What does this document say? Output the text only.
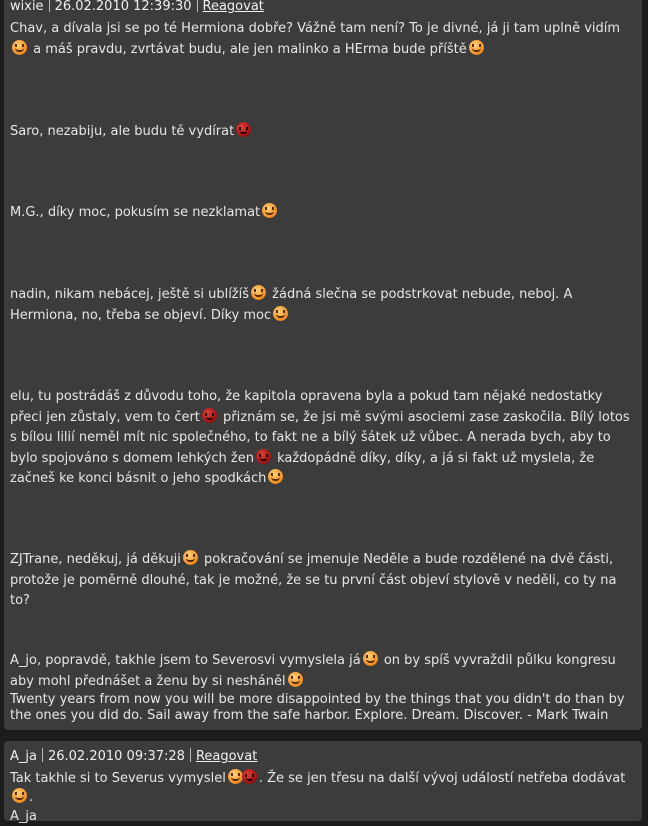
wixie 26.02.2010 12:39:30 Reagovat
Chav, a dívala jsi se po té Hermiona dobře? Vážně tam není? To je divné, já ji tam uplně vidím a máš pravdu, zvrtávat budu, ale jen malinko a HErma bude příště
Saro, nezabiju, ale budu tě vydírat
M.G., díky moc, pokusím se nezklamat
nadin, nikam nebácej, ještě si ublížíš žádná slečna se podstrkovat nebude, neboj. A Hermiona, no, třeba se objeví. Díky moc
elu, tu postrádáš z důvodu toho, že kapitola opravena byla a pokud tam nějaké nedostatky přeci jen zůstaly, vem to čert přiznám se, že jsi mě svými asociemi zase zaskočila. Bílý lotos s bílou lilií neměl mít nic společného, to fakt ne a bílý šátek už vůbec. A nerada bych, aby to bylo spojováno s domem lehkých žen každopádně díky, díky, a já si fakt už myslela, že začneš ke konci básnit o jeho spodkách
ZJTrane, neděkuj, já děkuji pokračování se jmenuje Neděle a bude rozdělené na dvě části, protože je poměrně dlouhé, tak je možné, že se tu první část objeví stylově v neděli, co ty na to?
A_jo, popravdě, takhle jsem to Severosvi vymyslela já on by spíš vyvraždil půlku kongresu aby mohl přednášet a ženu by si nesháněl
Twenty years from now you will be more disappointed by the things that you didn't do than by the ones you did do. Sail away from the safe harbor. Explore. Dream. Discover. - Mark Twain
A_ja 26.02.2010 09:37:28 Reagovat
Tak takhle si to Severus vymyslel	. Že se jen třesu na další vývoj událostí netřeba dodávat.
A_ja
